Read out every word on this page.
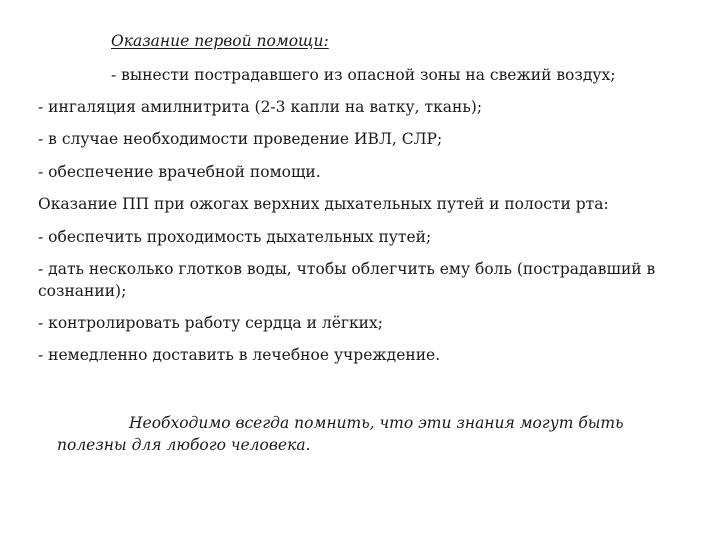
Оказание первой помощи:
- вынести пострадавшего из опасной зоны на свежий воздух;
- ингаляция амилнитрита (2-3 капли на ватку, ткань);
- в случае необходимости проведение ИВЛ, СЛР;
- обеспечение врачебной помощи.
Оказание ПП при ожогах верхних дыхательных путей и полости рта:
- обеспечить проходимость дыхательных путей;
- дать несколько глотков воды, чтобы облегчить ему боль (пострадавший в сознании);
- контролировать работу сердца и лёгких;
- немедленно доставить в лечебное учреждение.
Необходимо всегда помнить, что эти знания могут быть
полезны для любого человека.
